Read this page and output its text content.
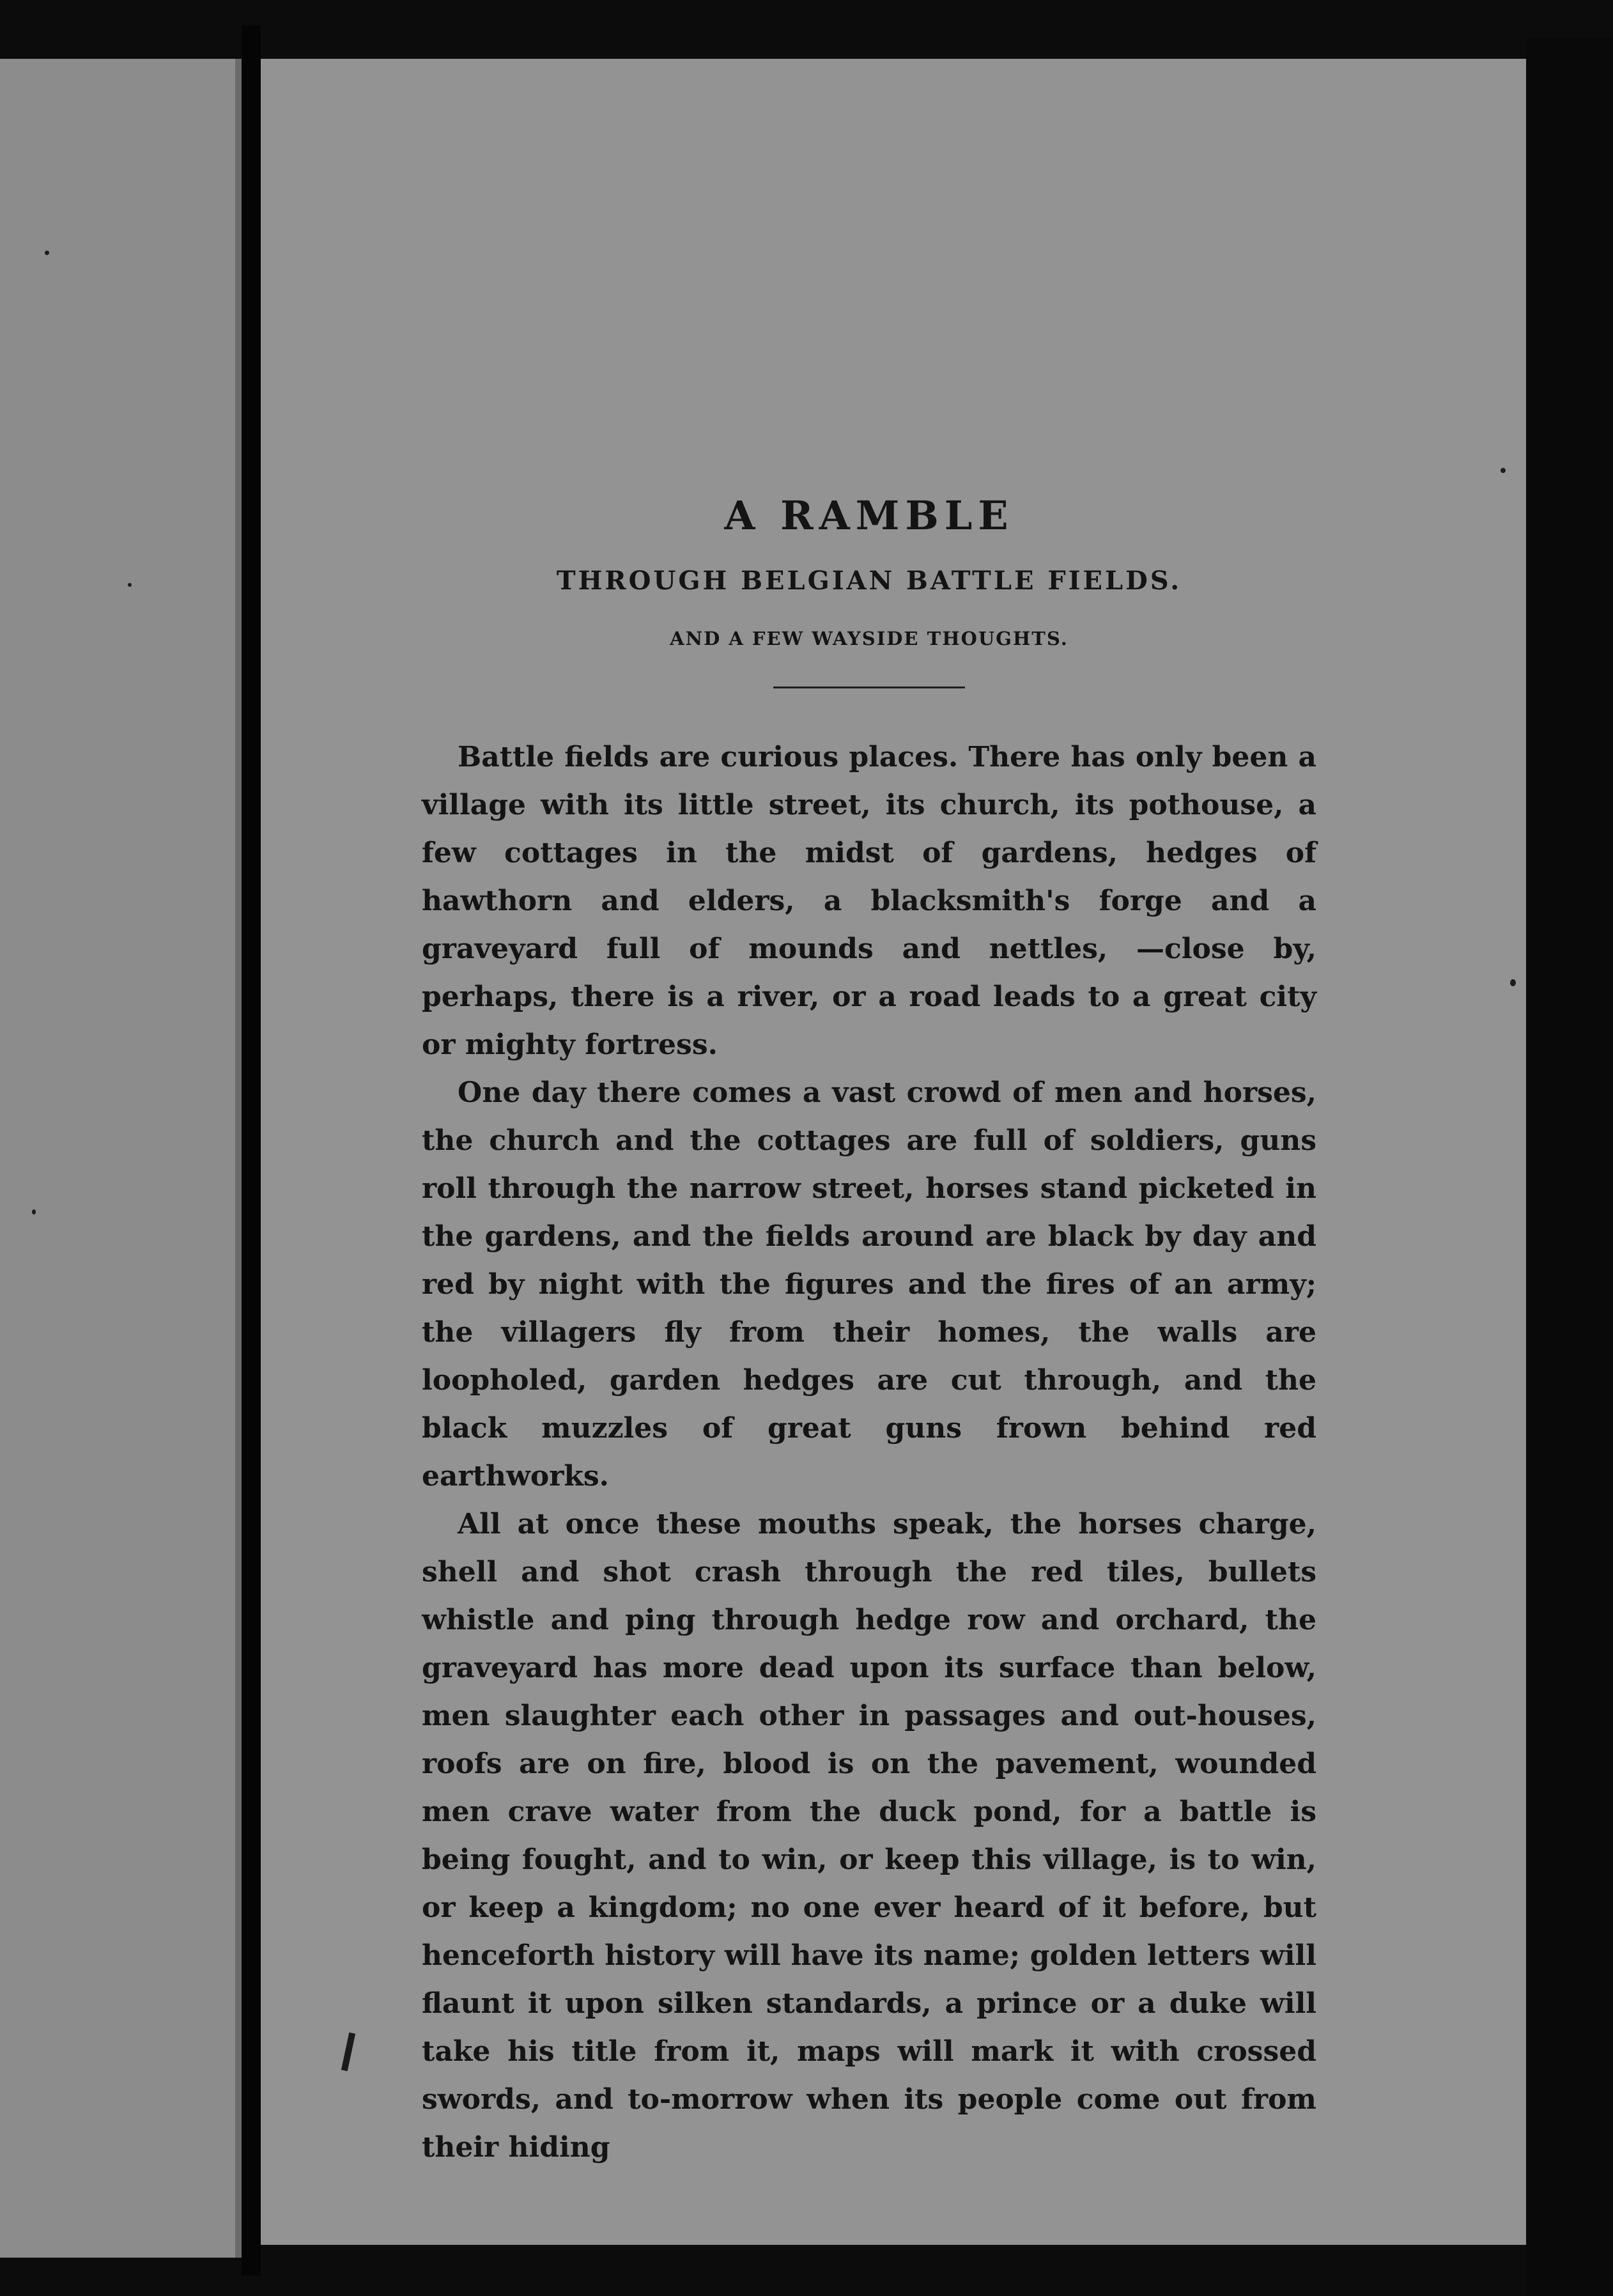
A RAMBLE
THROUGH BELGIAN BATTLE FIELDS.
AND A FEW WAYSIDE THOUGHTS.

Battle fields are curious places. There has only been a village with its little street, its church, its pothouse, a few cottages in the midst of gardens, hedges of hawthorn and elders, a blacksmith's forge and a graveyard full of mounds and nettles, —close by, perhaps, there is a river, or a road leads to a great city or mighty fortress.

One day there comes a vast crowd of men and horses, the church and the cottages are full of soldiers, guns roll through the narrow street, horses stand picketed in the gardens, and the fields around are black by day and red by night with the figures and the fires of an army; the villagers fly from their homes, the walls are loopholed, garden hedges are cut through, and the black muzzles of great guns frown behind red earthworks.

All at once these mouths speak, the horses charge, shell and shot crash through the red tiles, bullets whistle and ping through hedge row and orchard, the graveyard has more dead upon its surface than below, men slaughter each other in passages and out-houses, roofs are on fire, blood is on the pavement, wounded men crave water from the duck pond, for a battle is being fought, and to win, or keep this village, is to win, or keep a kingdom; no one ever heard of it before, but henceforth history will have its name; golden letters will flaunt it upon silken standards, a prince or a duke will take his title from it, maps will mark it with crossed swords, and to-morrow when its people come out from their hiding
